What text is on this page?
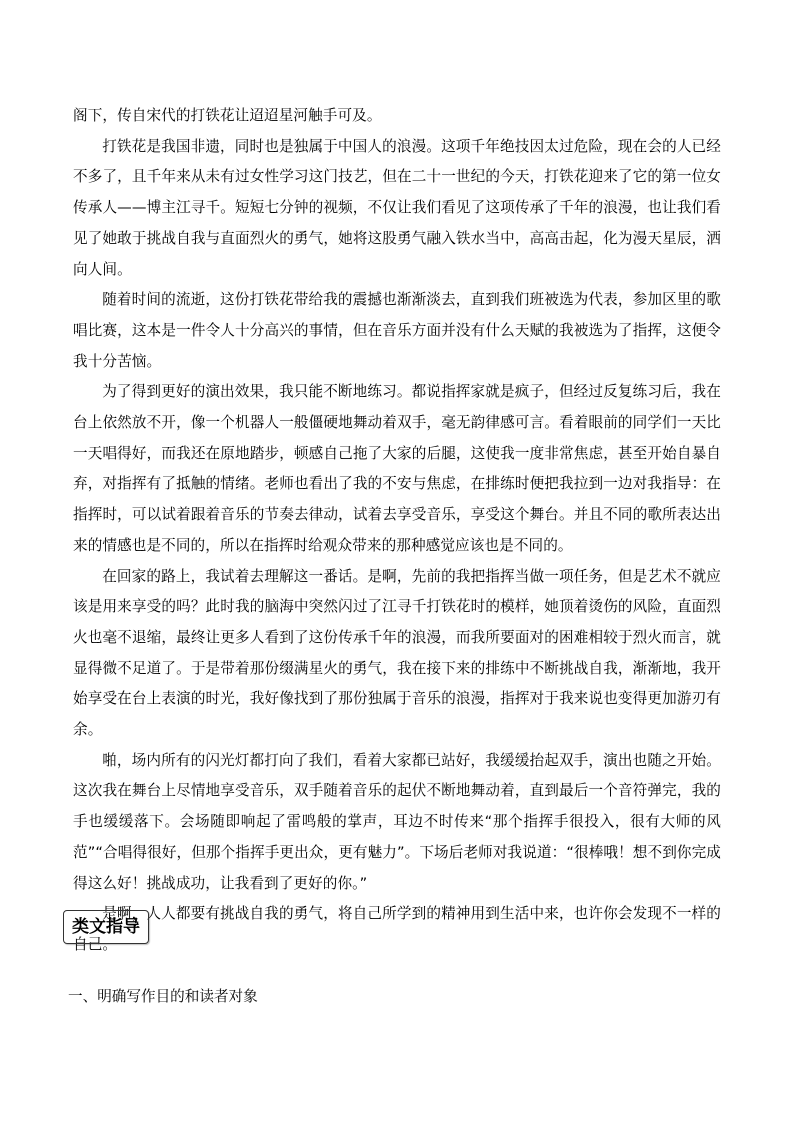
阁下，传自宋代的打铁花让迢迢星河触手可及。

打铁花是我国非遗，同时也是独属于中国人的浪漫。这项千年绝技因太过危险，现在会的人已经不多了，且千年来从未有过女性学习这门技艺，但在二十一世纪的今天，打铁花迎来了它的第一位女传承人——博主江寻千。短短七分钟的视频，不仅让我们看见了这项传承了千年的浪漫，也让我们看见了她敢于挑战自我与直面烈火的勇气，她将这股勇气融入铁水当中，高高击起，化为漫天星辰，洒向人间。

随着时间的流逝，这份打铁花带给我的震撼也渐渐淡去，直到我们班被选为代表，参加区里的歌唱比赛，这本是一件令人十分高兴的事情，但在音乐方面并没有什么天赋的我被选为了指挥，这便令我十分苦恼。

为了得到更好的演出效果，我只能不断地练习。都说指挥家就是疯子，但经过反复练习后，我在台上依然放不开，像一个机器人一般僵硬地舞动着双手，毫无韵律感可言。看着眼前的同学们一天比一天唱得好，而我还在原地踏步，顿感自己拖了大家的后腿，这使我一度非常焦虑，甚至开始自暴自弃，对指挥有了抵触的情绪。老师也看出了我的不安与焦虑，在排练时便把我拉到一边对我指导：在指挥时，可以试着跟着音乐的节奏去律动，试着去享受音乐，享受这个舞台。并且不同的歌所表达出来的情感也是不同的，所以在指挥时给观众带来的那种感觉应该也是不同的。

在回家的路上，我试着去理解这一番话。是啊，先前的我把指挥当做一项任务，但是艺术不就应该是用来享受的吗？此时我的脑海中突然闪过了江寻千打铁花时的模样，她顶着烫伤的风险，直面烈火也毫不退缩，最终让更多人看到了这份传承千年的浪漫，而我所要面对的困难相较于烈火而言，就显得微不足道了。于是带着那份缀满星火的勇气，我在接下来的排练中不断挑战自我，渐渐地，我开始享受在台上表演的时光，我好像找到了那份独属于音乐的浪漫，指挥对于我来说也变得更加游刃有余。

啪，场内所有的闪光灯都打向了我们，看着大家都已站好，我缓缓抬起双手，演出也随之开始。这次我在舞台上尽情地享受音乐，双手随着音乐的起伏不断地舞动着，直到最后一个音符弹完，我的手也缓缓落下。会场随即响起了雷鸣般的掌声，耳边不时传来“那个指挥手很投入，很有大师的风范”“合唱得很好，但那个指挥手更出众，更有魅力”。下场后老师对我说道：“很棒哦！想不到你完成得这么好！挑战成功，让我看到了更好的你。”

是啊，人人都要有挑战自我的勇气，将自己所学到的精神用到生活中来，也许你会发现不一样的自己。

类文指导
一、明确写作目的和读者对象
